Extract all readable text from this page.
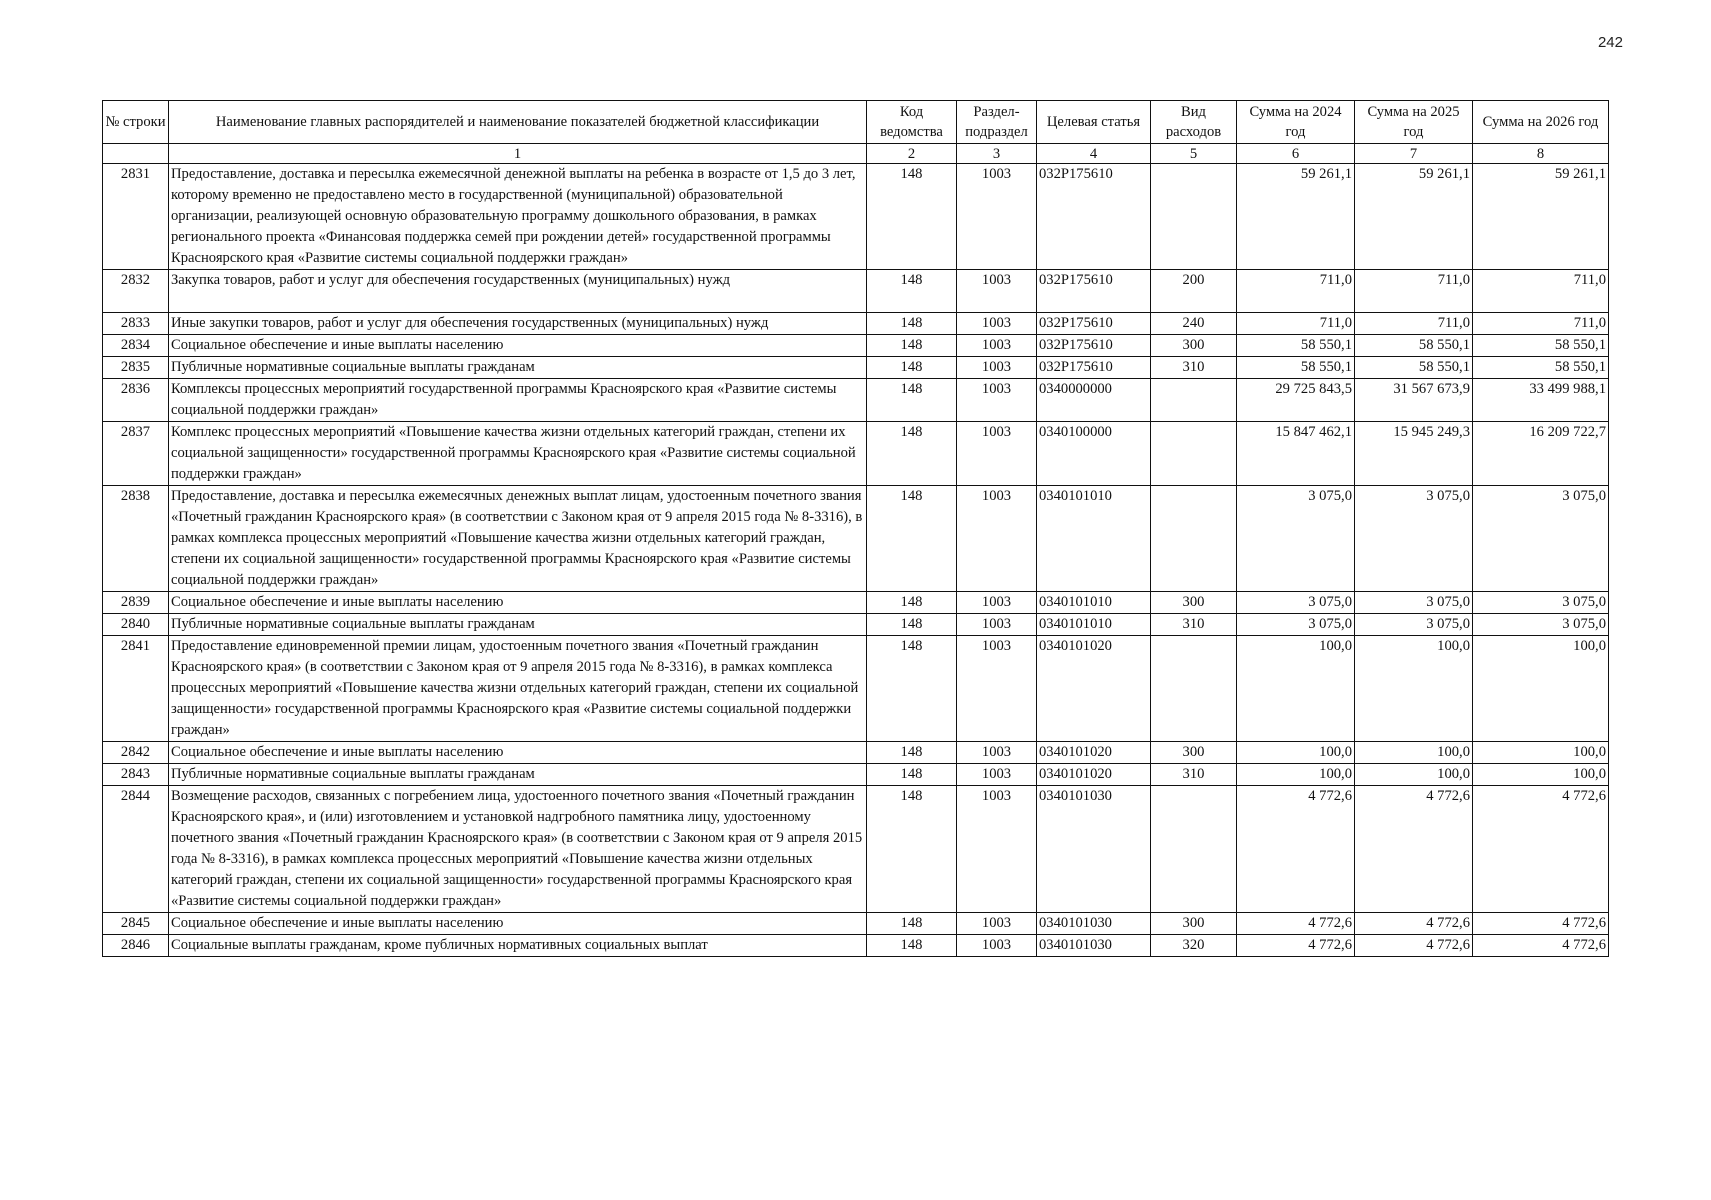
242
№ строки	Наименование главных распорядителей и наименование показателей бюджетной классификации	Код ведомства	Раздел-подраздел	Целевая статья	Вид расходов	Сумма на 2024 год	Сумма на 2025 год	Сумма на 2026 год
	1	2	3	4	5	6	7	8
2831	Предоставление, доставка и пересылка ежемесячной денежной выплаты на ребенка в возрасте от 1,5 до 3 лет, которому временно не предоставлено место в государственной (муниципальной) образовательной организации, реализующей основную образовательную программу дошкольного образования, в рамках регионального проекта «Финансовая поддержка семей при рождении детей» государственной программы Красноярского края «Развитие системы социальной поддержки граждан»	148	1003	032Р175610		59 261,1	59 261,1	59 261,1
2832	Закупка товаров, работ и услуг для обеспечения государственных (муниципальных) нужд	148	1003	032Р175610	200	711,0	711,0	711,0
2833	Иные закупки товаров, работ и услуг для обеспечения государственных (муниципальных) нужд	148	1003	032Р175610	240	711,0	711,0	711,0
2834	Социальное обеспечение и иные выплаты населению	148	1003	032Р175610	300	58 550,1	58 550,1	58 550,1
2835	Публичные нормативные социальные выплаты гражданам	148	1003	032Р175610	310	58 550,1	58 550,1	58 550,1
2836	Комплексы процессных мероприятий государственной программы Красноярского края «Развитие системы социальной поддержки граждан»	148	1003	0340000000		29 725 843,5	31 567 673,9	33 499 988,1
2837	Комплекс процессных мероприятий «Повышение качества жизни отдельных категорий граждан, степени их социальной защищенности» государственной программы Красноярского края «Развитие системы социальной поддержки граждан»	148	1003	0340100000		15 847 462,1	15 945 249,3	16 209 722,7
2838	Предоставление, доставка и пересылка ежемесячных денежных выплат лицам, удостоенным почетного звания «Почетный гражданин Красноярского края» (в соответствии с Законом края от 9 апреля 2015 года № 8-3316), в рамках комплекса процессных мероприятий «Повышение качества жизни отдельных категорий граждан, степени их социальной защищенности» государственной программы Красноярского края «Развитие системы социальной поддержки граждан»	148	1003	0340101010		3 075,0	3 075,0	3 075,0
2839	Социальное обеспечение и иные выплаты населению	148	1003	0340101010	300	3 075,0	3 075,0	3 075,0
2840	Публичные нормативные социальные выплаты гражданам	148	1003	0340101010	310	3 075,0	3 075,0	3 075,0
2841	Предоставление единовременной премии лицам, удостоенным почетного звания «Почетный гражданин Красноярского края» (в соответствии с Законом края от 9 апреля 2015 года № 8-3316), в рамках комплекса процессных мероприятий «Повышение качества жизни отдельных категорий граждан, степени их социальной защищенности» государственной программы Красноярского края «Развитие системы социальной поддержки граждан»	148	1003	0340101020		100,0	100,0	100,0
2842	Социальное обеспечение и иные выплаты населению	148	1003	0340101020	300	100,0	100,0	100,0
2843	Публичные нормативные социальные выплаты гражданам	148	1003	0340101020	310	100,0	100,0	100,0
2844	Возмещение расходов, связанных с погребением лица, удостоенного почетного звания «Почетный гражданин Красноярского края», и (или) изготовлением и установкой надгробного памятника лицу, удостоенному почетного звания «Почетный гражданин Красноярского края» (в соответствии с Законом края от 9 апреля 2015 года № 8-3316), в рамках комплекса процессных мероприятий «Повышение качества жизни отдельных категорий граждан, степени их социальной защищенности» государственной программы Красноярского края «Развитие системы социальной поддержки граждан»	148	1003	0340101030		4 772,6	4 772,6	4 772,6
2845	Социальное обеспечение и иные выплаты населению	148	1003	0340101030	300	4 772,6	4 772,6	4 772,6
2846	Социальные выплаты гражданам, кроме публичных нормативных социальных выплат	148	1003	0340101030	320	4 772,6	4 772,6	4 772,6
